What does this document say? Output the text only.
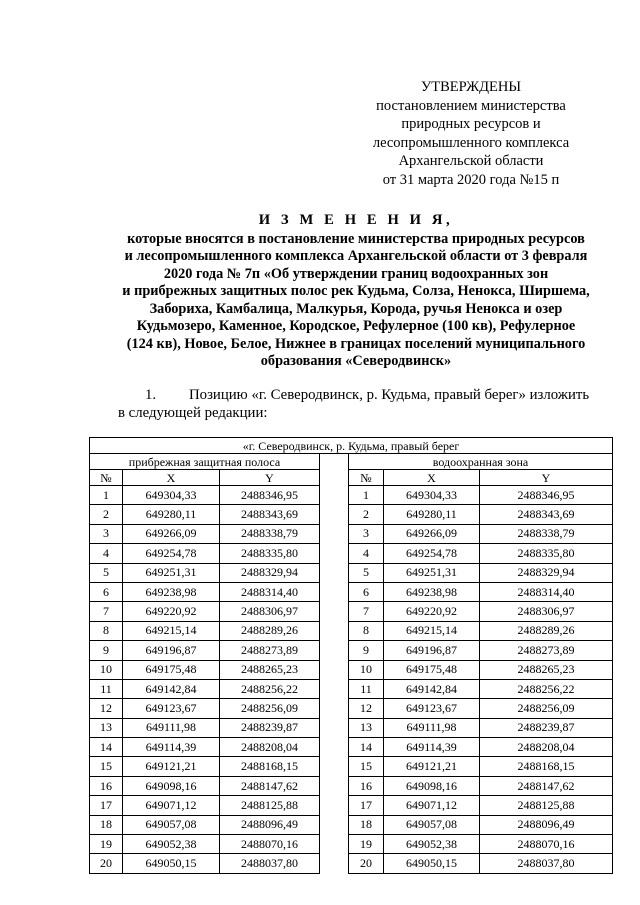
УТВЕРЖДЕНЫ
постановлением министерства
природных ресурсов и
лесопромышленного комплекса
Архангельской области
от 31 марта 2020 года №15 п
И З М Е Н Е Н И Я,
которые вносятся в постановление министерства природных ресурсов
и лесопромышленного комплекса Архангельской области от 3 февраля
2020 года № 7п «Об утверждении границ водоохранных зон
и прибрежных защитных полос рек Кудьма, Солза, Ненокса, Ширшема,
Забориха, Камбалица, Малкурья, Корода, ручья Ненокса и озер
Кудьмозеро, Каменное, Кородское, Рефулерное (100 кв), Рефулерное
(124 кв), Новое, Белое, Нижнее в границах поселений муниципального
образования «Северодвинск»
1. Позицию «г. Северодвинск, р. Кудьма, правый берег» изложить
в следующей редакции:
«г. Северодвинск, р. Кудьма, правый берег						
прибрежная защитная полоса				водоохранная зона		
№	X	Y		№	X	Y
1	649304,33	2488346,95		1	649304,33	2488346,95
2	649280,11	2488343,69		2	649280,11	2488343,69
3	649266,09	2488338,79		3	649266,09	2488338,79
4	649254,78	2488335,80		4	649254,78	2488335,80
5	649251,31	2488329,94		5	649251,31	2488329,94
6	649238,98	2488314,40		6	649238,98	2488314,40
7	649220,92	2488306,97		7	649220,92	2488306,97
8	649215,14	2488289,26		8	649215,14	2488289,26
9	649196,87	2488273,89		9	649196,87	2488273,89
10	649175,48	2488265,23		10	649175,48	2488265,23
11	649142,84	2488256,22		11	649142,84	2488256,22
12	649123,67	2488256,09		12	649123,67	2488256,09
13	649111,98	2488239,87		13	649111,98	2488239,87
14	649114,39	2488208,04		14	649114,39	2488208,04
15	649121,21	2488168,15		15	649121,21	2488168,15
16	649098,16	2488147,62		16	649098,16	2488147,62
17	649071,12	2488125,88		17	649071,12	2488125,88
18	649057,08	2488096,49		18	649057,08	2488096,49
19	649052,38	2488070,16		19	649052,38	2488070,16
20	649050,15	2488037,80		20	649050,15	2488037,80
